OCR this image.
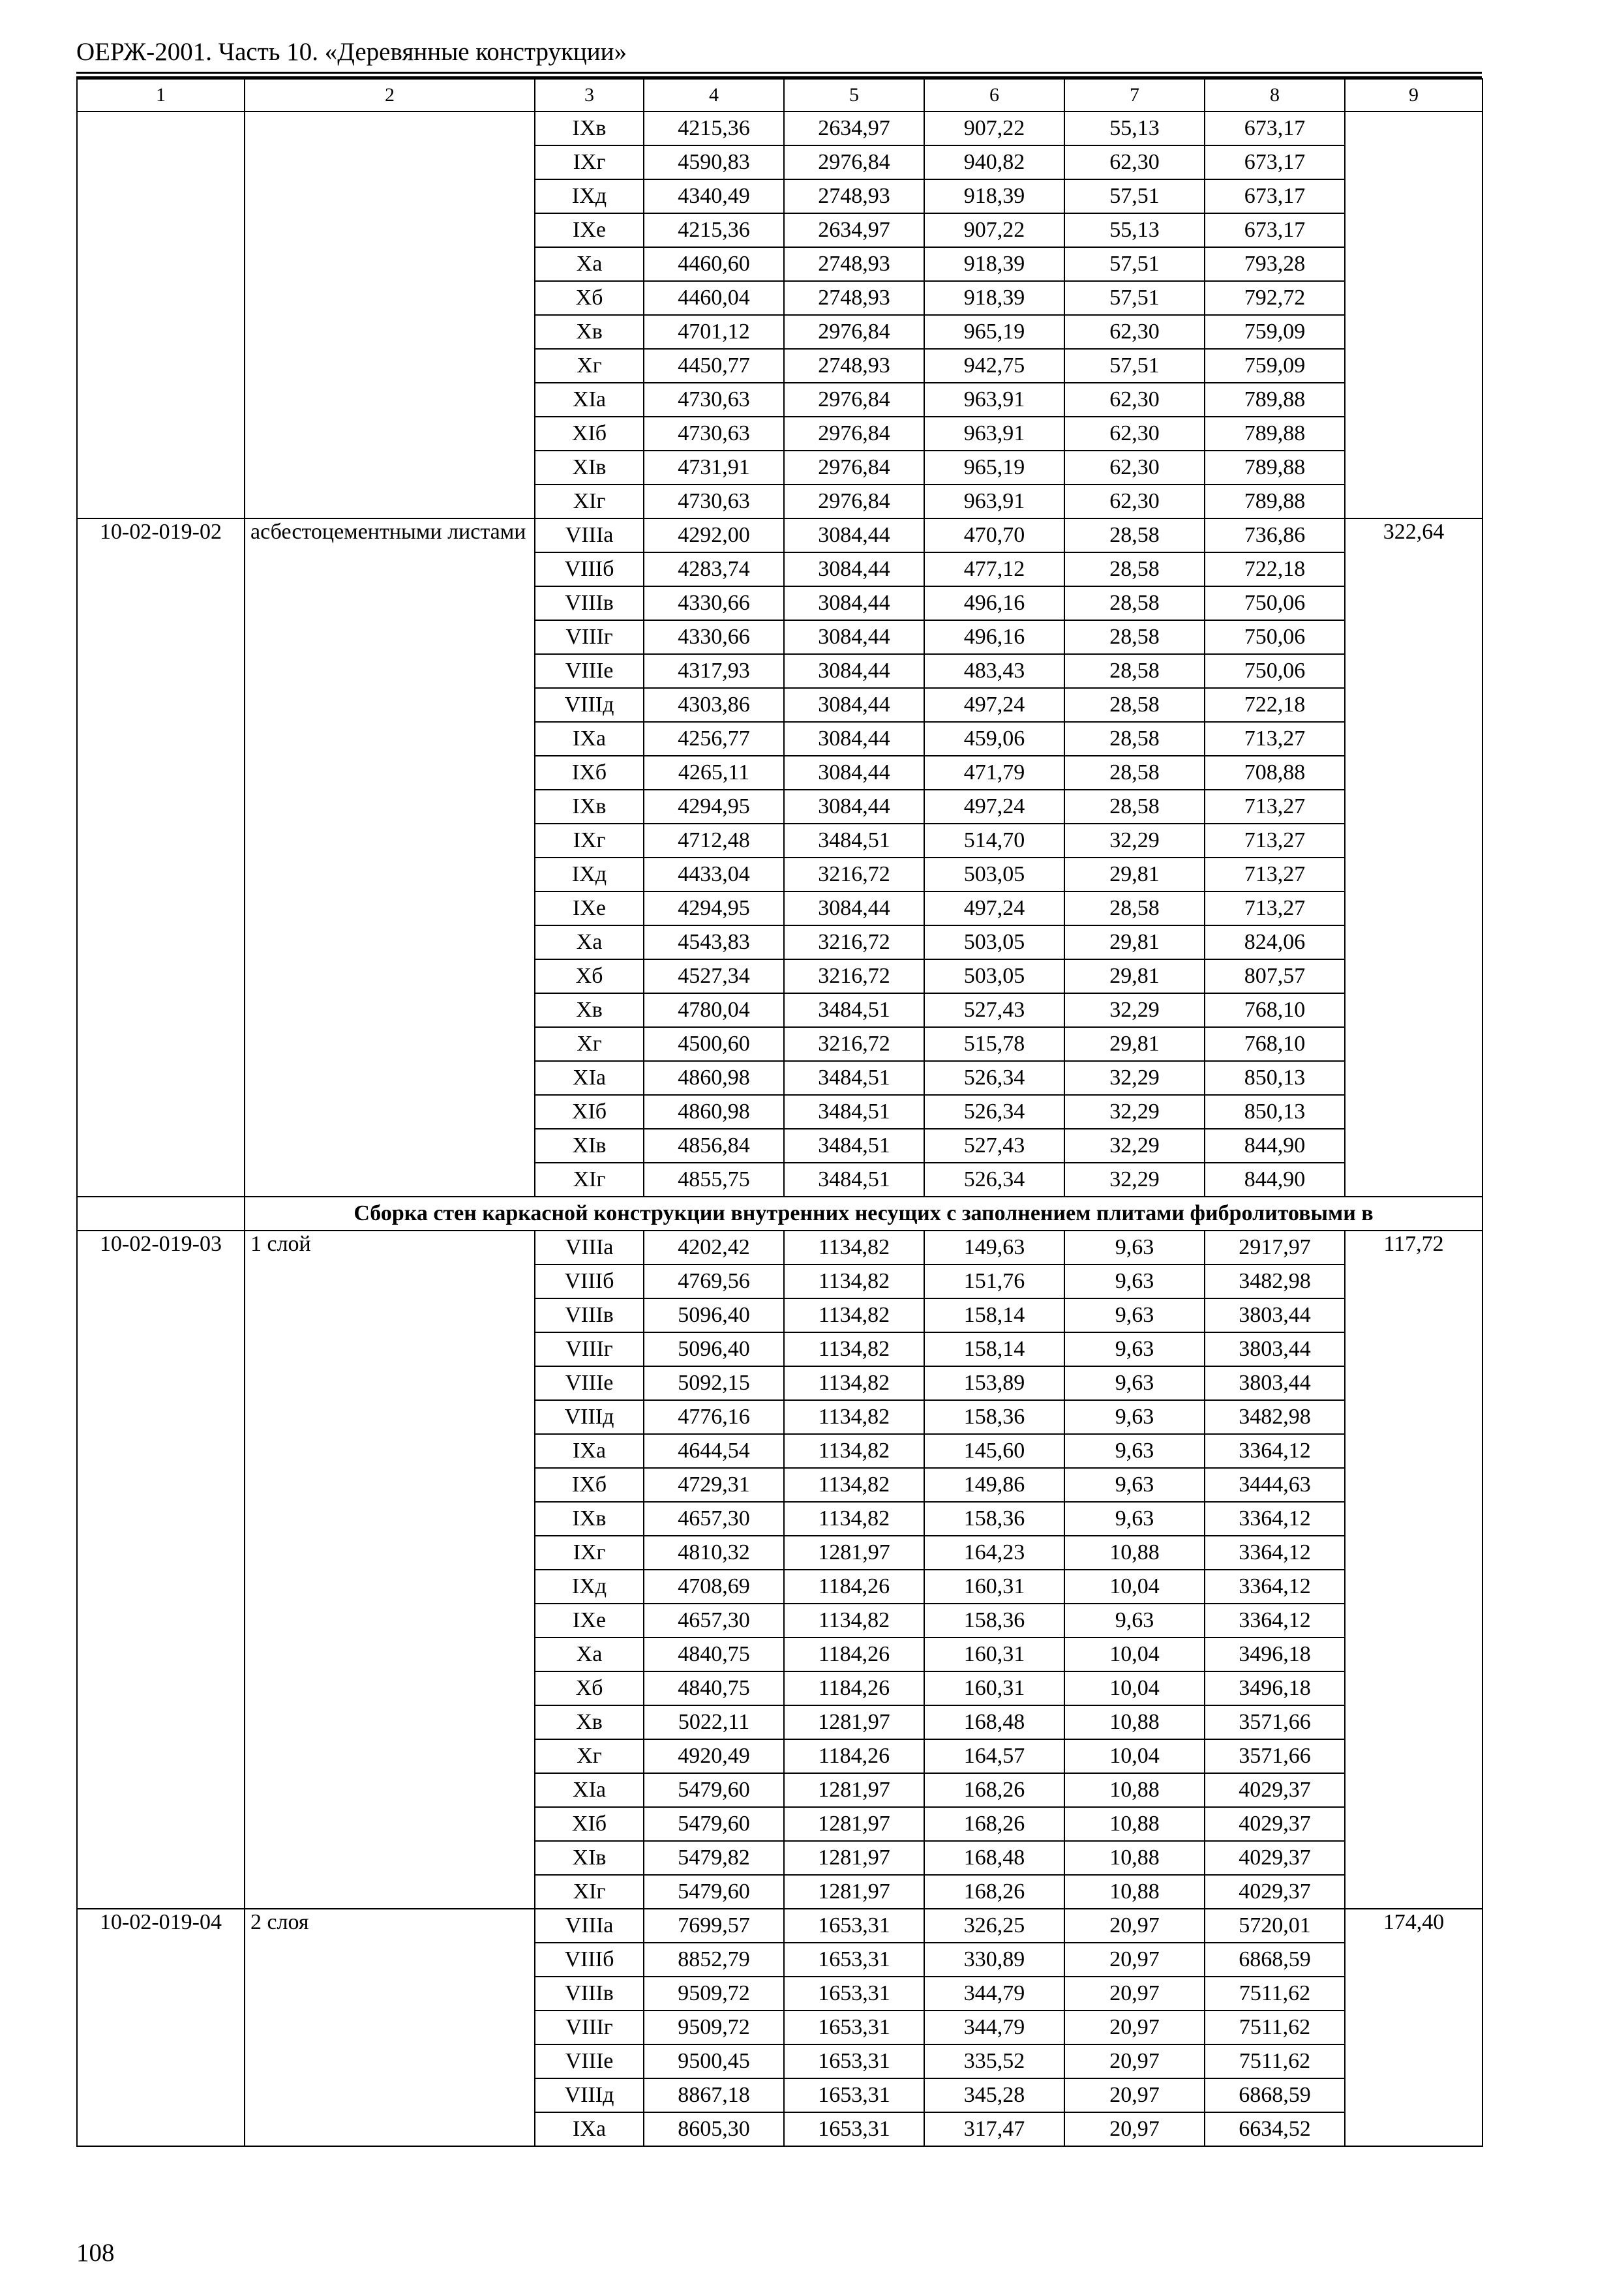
ОЕРЖ-2001. Часть 10. «Деревянные конструкции»
1	2	3	4	5	6	7	8	9
		IXв	4215,36	2634,97	907,22	55,13	673,17	
		IXг	4590,83	2976,84	940,82	62,30	673,17	
		IXд	4340,49	2748,93	918,39	57,51	673,17	
		IXе	4215,36	2634,97	907,22	55,13	673,17	
		Xа	4460,60	2748,93	918,39	57,51	793,28	
		Xб	4460,04	2748,93	918,39	57,51	792,72	
		Xв	4701,12	2976,84	965,19	62,30	759,09	
		Xг	4450,77	2748,93	942,75	57,51	759,09	
		XIа	4730,63	2976,84	963,91	62,30	789,88	
		XIб	4730,63	2976,84	963,91	62,30	789,88	
		XIв	4731,91	2976,84	965,19	62,30	789,88	
		XIг	4730,63	2976,84	963,91	62,30	789,88	
10-02-019-02	асбестоцементными листами	VIIIа	4292,00	3084,44	470,70	28,58	736,86	322,64
		VIIIб	4283,74	3084,44	477,12	28,58	722,18	
		VIIIв	4330,66	3084,44	496,16	28,58	750,06	
		VIIIг	4330,66	3084,44	496,16	28,58	750,06	
		VIIIе	4317,93	3084,44	483,43	28,58	750,06	
		VIIIд	4303,86	3084,44	497,24	28,58	722,18	
		IXа	4256,77	3084,44	459,06	28,58	713,27	
		IXб	4265,11	3084,44	471,79	28,58	708,88	
		IXв	4294,95	3084,44	497,24	28,58	713,27	
		IXг	4712,48	3484,51	514,70	32,29	713,27	
		IXд	4433,04	3216,72	503,05	29,81	713,27	
		IXе	4294,95	3084,44	497,24	28,58	713,27	
		Xа	4543,83	3216,72	503,05	29,81	824,06	
		Xб	4527,34	3216,72	503,05	29,81	807,57	
		Xв	4780,04	3484,51	527,43	32,29	768,10	
		Xг	4500,60	3216,72	515,78	29,81	768,10	
		XIа	4860,98	3484,51	526,34	32,29	850,13	
		XIб	4860,98	3484,51	526,34	32,29	850,13	
		XIв	4856,84	3484,51	527,43	32,29	844,90	
		XIг	4855,75	3484,51	526,34	32,29	844,90	
	Сборка стен каркасной конструкции внутренних несущих с заполнением плитами фибролитовыми в							
10-02-019-03	1 слой	VIIIа	4202,42	1134,82	149,63	9,63	2917,97	117,72
		VIIIб	4769,56	1134,82	151,76	9,63	3482,98	
		VIIIв	5096,40	1134,82	158,14	9,63	3803,44	
		VIIIг	5096,40	1134,82	158,14	9,63	3803,44	
		VIIIе	5092,15	1134,82	153,89	9,63	3803,44	
		VIIIд	4776,16	1134,82	158,36	9,63	3482,98	
		IXа	4644,54	1134,82	145,60	9,63	3364,12	
		IXб	4729,31	1134,82	149,86	9,63	3444,63	
		IXв	4657,30	1134,82	158,36	9,63	3364,12	
		IXг	4810,32	1281,97	164,23	10,88	3364,12	
		IXд	4708,69	1184,26	160,31	10,04	3364,12	
		IXе	4657,30	1134,82	158,36	9,63	3364,12	
		Xа	4840,75	1184,26	160,31	10,04	3496,18	
		Xб	4840,75	1184,26	160,31	10,04	3496,18	
		Xв	5022,11	1281,97	168,48	10,88	3571,66	
		Xг	4920,49	1184,26	164,57	10,04	3571,66	
		XIа	5479,60	1281,97	168,26	10,88	4029,37	
		XIб	5479,60	1281,97	168,26	10,88	4029,37	
		XIв	5479,82	1281,97	168,48	10,88	4029,37	
		XIг	5479,60	1281,97	168,26	10,88	4029,37	
10-02-019-04	2 слоя	VIIIа	7699,57	1653,31	326,25	20,97	5720,01	174,40
		VIIIб	8852,79	1653,31	330,89	20,97	6868,59	
		VIIIв	9509,72	1653,31	344,79	20,97	7511,62	
		VIIIг	9509,72	1653,31	344,79	20,97	7511,62	
		VIIIе	9500,45	1653,31	335,52	20,97	7511,62	
		VIIIд	8867,18	1653,31	345,28	20,97	6868,59	
		IXа	8605,30	1653,31	317,47	20,97	6634,52	
108
